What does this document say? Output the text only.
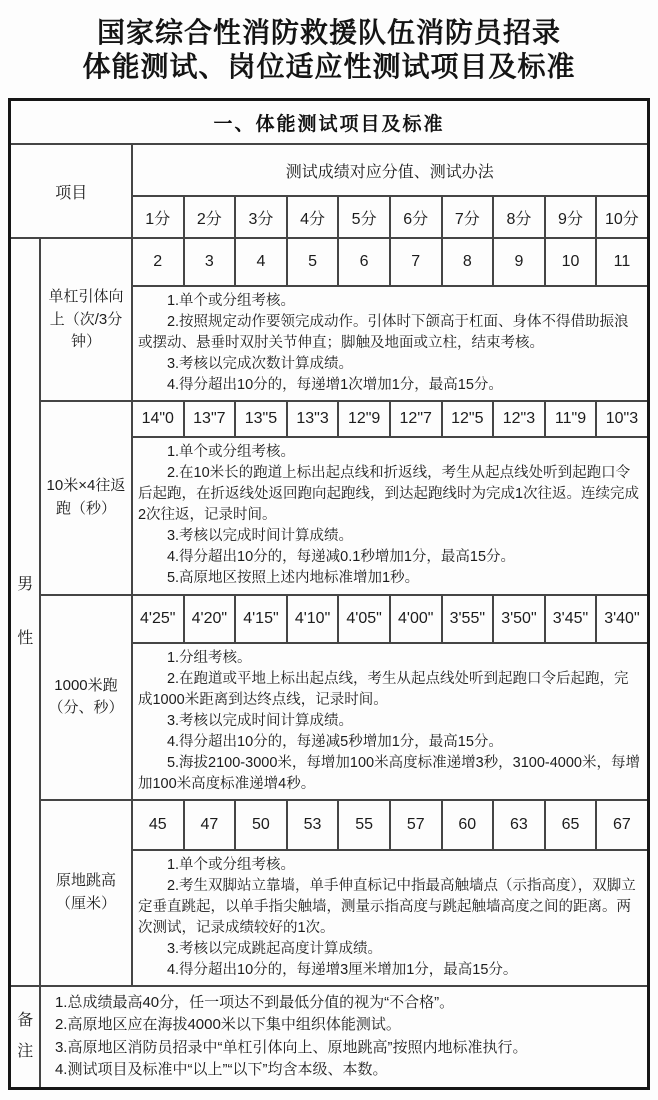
国家综合性消防救援队伍消防员招录
体能测试、岗位适应性测试项目及标准
一、体能测试项目及标准											
项目		测试成绩对应分值、测试办法									
		1分	2分	3分	4分	5分	6分	7分	8分	9分	10分
男性	单杠引体向上（次/3分钟）	2	3	4	5	6	7	8	9	10	11

		1.单个或分组考核。

2.按照规定动作要领完成动作。引体时下颌高于杠面、身体不得借助振浪或摆动、悬垂时双肘关节伸直；脚触及地面或立柱，结束考核。

3.考核以完成次数计算成绩。

4.得分超出10分的，每递增1次增加1分，最高15分。									

	10米×4往返跑（秒）	14"0	13"7	13"5	13"3	12"9	12"7	12"5	12"3	11"9	10"3

		1.单个或分组考核。

2.在10米长的跑道上标出起点线和折返线，考生从起点线处听到起跑口令后起跑，在折返线处返回跑向起跑线，到达起跑线时为完成1次往返。连续完成2次往返，记录时间。

3.考核以完成时间计算成绩。

4.得分超出10分的，每递减0.1秒增加1分，最高15分。

5.高原地区按照上述内地标准增加1秒。									

	1000米跑（分、秒）	4'25"	4'20"	4'15"	4'10"	4'05"	4'00"	3'55"	3'50"	3'45"	3'40"

		1.分组考核。

2.在跑道或平地上标出起点线，考生从起点线处听到起跑口令后起跑，完成1000米距离到达终点线，记录时间。

3.考核以完成时间计算成绩。

4.得分超出10分的，每递减5秒增加1分，最高15分。

5.海拔2100-3000米，每增加100米高度标准递增3秒，3100-4000米，每增加100米高度标准递增4秒。									

	原地跳高（厘米）	45	47	50	53	55	57	60	63	65	67

		1.单个或分组考核。

2.考生双脚站立靠墙，单手伸直标记中指最高触墙点（示指高度），双脚立定垂直跳起，以单手指尖触墙，测量示指高度与跳起触墙高度之间的距离。两次测试，记录成绩较好的1次。

3.考核以完成跳起高度计算成绩。

4.得分超出10分的，每递增3厘米增加1分，最高15分。									

备注	1.总成绩最高40分，任一项达不到最低分值的视为“不合格”。

2.高原地区应在海拔4000米以下集中组织体能测试。

3.高原地区消防员招录中“单杠引体向上、原地跳高”按照内地标准执行。

4.测试项目及标准中“以上”“以下”均含本级、本数。										
